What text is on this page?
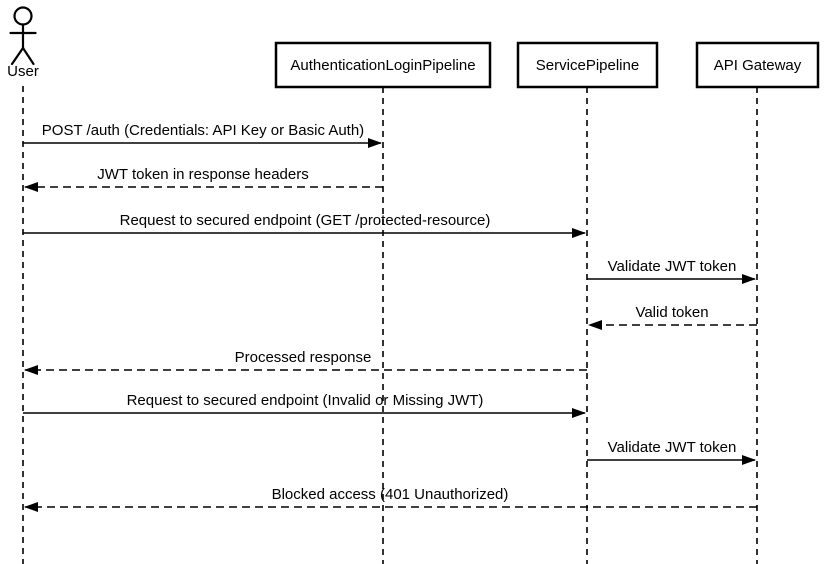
User	AuthenticationLoginPipeline	ServicePipeline	API Gateway
POST /auth (Credentials: API Key or Basic Auth)
JWT token in response headers
Request to secured endpoint (GET /protected-resource)
Validate JWT token
Valid token
Processed response
Request to secured endpoint (Invalid or Missing JWT)
Validate JWT token
Blocked access (401 Unauthorized)
